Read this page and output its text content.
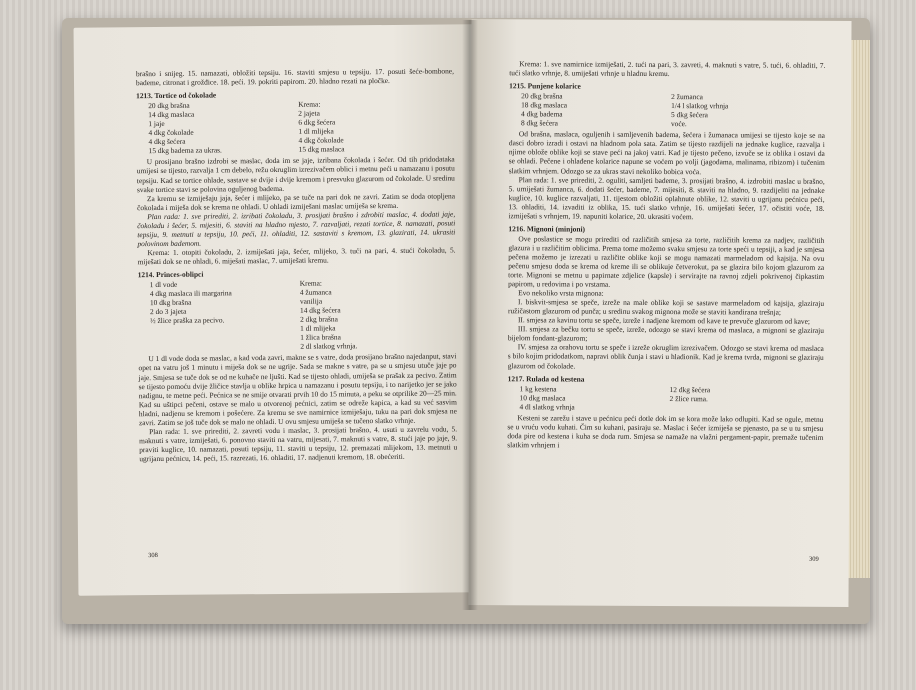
brašno i snijeg. 15. namazati, obložiti tepsiju. 16. staviti smjesu u tepsiju. 17. posuti šeće-bombone, bademe, citronat i grožđice. 18. peći. 19. pokriti papirom. 20. hladno rezati na pločke.

1213. Tortice od čokolade
20 dkg brašna
14 dkg maslaca
1 jaje
4 dkg čokolade
4 dkg šećera
15 dkg badema za ukras.
Krema:
2 jajeta
6 dkg šećera
1 dl mlijeka
4 dkg čokolade
15 dkg maslaca

U prosijano brašno izdrobi se maslac, doda im se jaje, izribana čokolada i šećer. Od tih pridodataka umijesi se tijesto, razvalja 1 cm debelo, režu okruglim izrezivačem oblici i metnu peći u namazanu i posutu tepsiju. Kad se tortice ohlade, sastave se dvije i dvije kremom i presvuku glazurom od čokolade. U sredinu svake tortice stavi se polovina oguljenog badema.

Za kremu se izmiješaju jaja, šećer i mlijeko, pa se tuče na pari dok ne zavri. Zatim se doda otopljena čokolada i miješa dok se krema ne ohladi. U ohladi izmiješani maslac umiješa se krema.

Plan rada: 1. sve prirediti, 2. izribati čokoladu, 3. prosijati brašno i zdrobiti maslac, 4. dodati jaje, čokoladu i šećer, 5. mijesiti, 6. staviti na hladno mjesto, 7. razvaljati, rezati tortice, 8. namazati, posuti tepsiju, 9. metnuti u tepsiju, 10. peći, 11. ohladiti, 12. sastaviti s kremom, 13. glazirati, 14. ukrasiti polovinom bademom.

Krema: 1. otopiti čokoladu, 2. izmiješati jaja, šećer, mlijeko, 3. tući na pari, 4. stući čokoladu, 5. miješati dok se ne ohladi, 6. miješati maslac, 7. umiješati kremu.

1214. Princes-oblipci
1 dl vode
4 dkg maslaca ili margarina
10 dkg brašna
2 do 3 jajeta
½ žlice praška za pecivo.
Krema:
4 žumanca
vanilija
14 dkg šećera
2 dkg brašna
1 dl mlijeka
1 žlica brašna
2 dl slatkog vrhnja.

U 1 dl vode doda se maslac, a kad voda zavri, makne se s vatre, doda prosijano brašno najedanput, stavi opet na vatru još 1 minutu i miješa dok se ne ugrije. Sada se makne s vatre, pa se u smjesu utuče jaje po jaje. Smjesa se tuče dok se od ne kuhače ne ljušti. Kad se tijesto ohladi, umiješa se prašak za pecivo. Zatim se tijesto pomoću dvije žličice stavlja u oblike hrpica u namazanu i posutu tepsiju, i to narijetko jer se jako nadignu, te metne peći. Pećnica se ne smije otvarati prvih 10 do 15 minuta, a peku se otprilike 20—25 min. Kad su uštipci pečeni, ostave se malo u otvorenoj pećnici, zatim se odreže kapica, a kad su već sasvim hladni, nadjenu se kremom i pošećere. Za kremu se sve namirnice izmiješaju, tuku na pari dok smjesa ne zavri. Zatim se još tuče dok se malo ne ohladi. U ovu smjesu umiješa se tučeno slatko vrhnje.

Plan rada: 1. sve prirediti, 2. zavreti vodu i maslac, 3. prosijati brašno, 4. usuti u zavrelu vodu, 5. maknuti s vatre, izmiješati, 6. ponovno staviti na vatru, mijesati, 7. maknuti s vatre, 8. stući jaje po jaje, 9. praviti kuglice, 10. namazati, posuti tepsiju, 11. staviti u tepsiju, 12. premazati mlijekom, 13. metnuti u ugrijanu pećnicu, 14. peći, 15. razrezati, 16. ohladiti, 17. nadjenuti kremom, 18. obećeriti.

308

Krema: 1. sve namirnice izmiješati, 2. tući na pari, 3. zavreti, 4. maknuti s vatre, 5. tući, 6. ohladiti, 7. tući slatko vrhnje, 8. umiješati vrhnje u hladnu kremu.

1215. Punjene kolarice
20 dkg brašna
18 dkg maslaca
4 dkg badema
8 dkg šećera
2 žumanca
1/4 l slatkog vrhnja
5 dkg šećera
voće.

Od brašna, maslaca, oguljenih i samljevenih badema, šećera i žumanaca umijesi se tijesto koje se na dasci dobro izradi i ostavi na hladnom pola sata. Zatim se tijesto razdijeli na jednake kuglice, razvalja i njime oblože oblike koji se stave peći na jakoj vatri. Kad je tijesto pečeno, izvuče se iz oblika i ostavi da se ohladi. Pečene i ohlađene kolarice napune se voćem po volji (jagodama, malinama, ribizom) i tučenim slatkim vrhnjem. Odozgo se za ukras stavi nekoliko bobica voća.

Plan rada: 1. sve prirediti, 2. oguliti, samljeti bademe, 3. prosijati brašno, 4. izdrobiti maslac u brašno, 5. umiješati žumanca, 6. dodati šećer, bademe, 7. mijesiti, 8. staviti na hladno, 9. razdijeliti na jednake kuglice, 10. kuglice razvaljati, 11. tijestom obložiti oplahnute oblike, 12. staviti u ugrijanu pećnicu peći, 13. ohladiti, 14. izvaditi iz oblika, 15. tući slatko vrhnje, 16. umiješati šećer, 17. očistiti voće, 18. izmiješati s vrhnjem, 19. napuniti kolarice, 20. ukrasiti voćem.

1216. Mignoni (minjoni)

Ove poslastice se mogu prirediti od različitih smjesa za torte, različitih krema za nadjev, različitih glazura i u različitim oblicima. Prema tome možemo svaku smjesu za torte speći u tepsiji, a kad je smjesa pečena možemo je izrezati u različite oblike koji se mogu namazati marmeladom od kajsija. Na ovu pečenu smjesu doda se krema od kreme ili se oblikuje četverokut, pa se glazira bilo kojom glazurom za torte. Mignoni se metnu u papirnate zdjelice (kapsle) i servirajte na ravnoj zdjeli pokrivenoj čipkastim papirom, u redovima i po vrstama.

Evo nekoliko vrsta mignona:

I. biskvit-smjesa se speče, izreže na male oblike koji se sastave marmeladom od kajsija, glaziraju ružičastom glazurom od punča; u sredinu svakog mignona može se staviti kandirana trešnja;

II. smjesa za kavinu tortu se speče, izreže i nadjene kremom od kave te prevuče glazurom od kave;

III. smjesa za bečku tortu se speče, izreže, odozgo se stavi krema od maslaca, a mignoni se glaziraju bijelom fondant-glazurom;

IV. smjesa za orahovu tortu se speče i izreže okruglim izrezivačem. Odozgo se stavi krema od maslaca s bilo kojim pridodatkom, napravi oblik čunja i stavi u hladionik. Kad je krema tvrda, mignoni se glaziraju glazurom od čokolade.

1217. Rulada od kestena
1 kg kestena
10 dkg maslaca
4 dl slatkog vrhnja
12 dkg šećera
2 žlice ruma.

Kesteni se zarežu i stave u pećnicu peći dotle dok im se kora može lako odlupiti. Kad se ogule, metnu se u vruću vodu kuhati. Čim su kuhani, pasiraju se. Maslac i šećer izmiješa se pjenasto, pa se u tu smjesu doda pire od kestena i kuha se doda rum. Smjesa se namaže na vlažni pergament-papir, premaže tučenim slatkim vrhnjem i

309
